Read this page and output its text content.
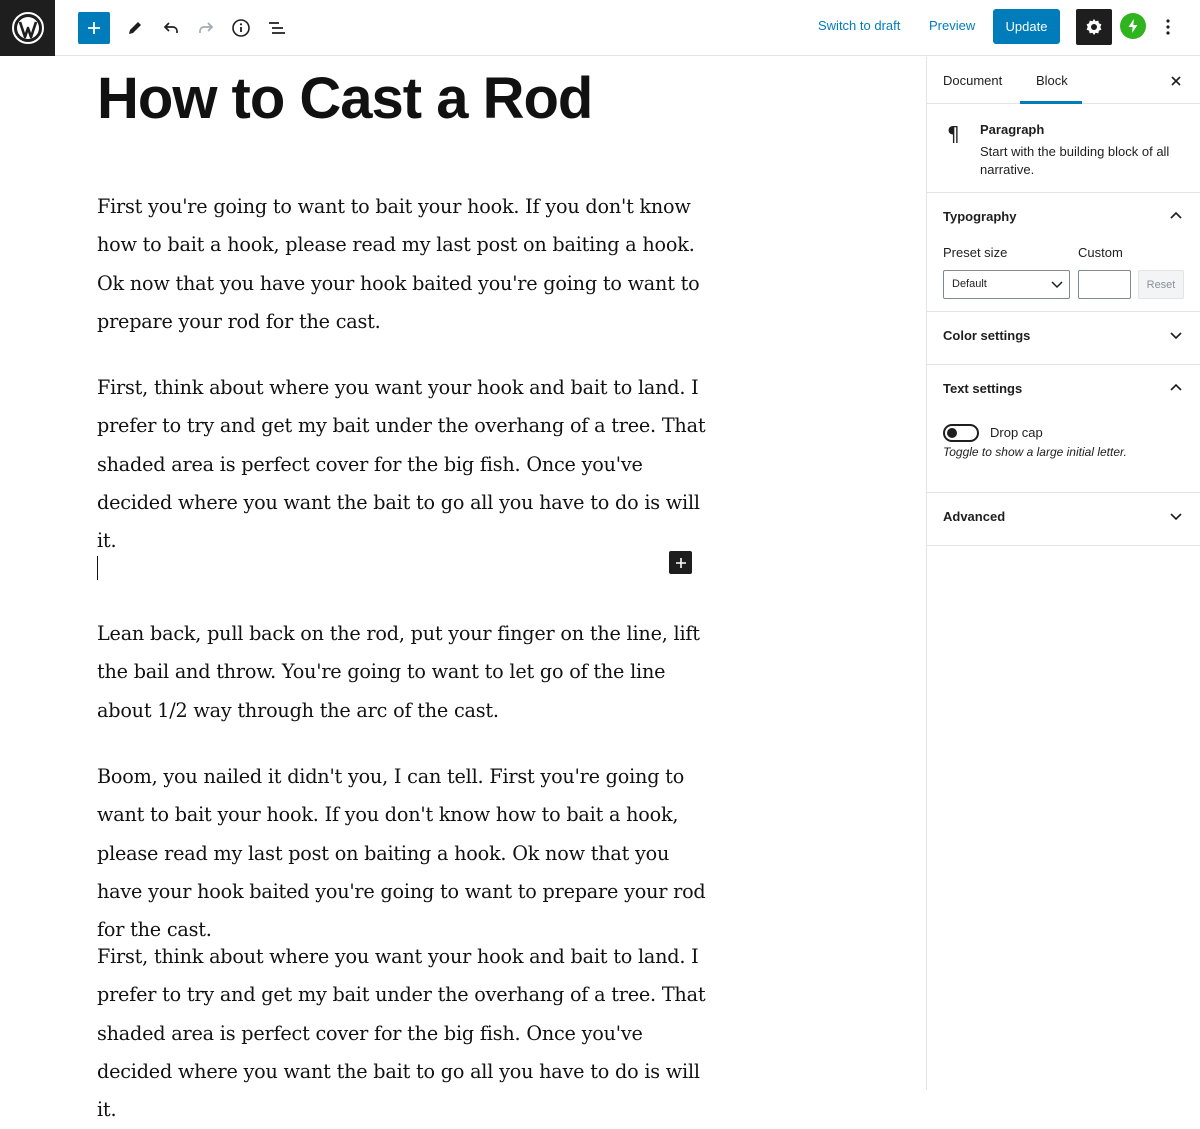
Switch to draft Preview	Update
How to Cast a Rod

First you're going to want to bait your hook. If you don't know how to bait a hook, please read my last post on baiting a hook. Ok now that you have your hook baited you're going to want to prepare your rod for the cast.

First, think about where you want your hook and bait to land. I prefer to try and get my bait under the overhang of a tree. That shaded area is perfect cover for the big fish. Once you've decided where you want the bait to go all you have to do is will it.

Lean back, pull back on the rod, put your finger on the line, lift the bail and throw. You're going to want to let go of the line about 1/2 way through the arc of the cast.

Boom, you nailed it didn't you, I can tell. First you're going to want to bait your hook. If you don't know how to bait a hook, please read my last post on baiting a hook. Ok now that you have your hook baited you're going to want to prepare your rod for the cast.

First, think about where you want your hook and bait to land. I prefer to try and get my bait under the overhang of a tree. That shaded area is perfect cover for the big fish. Once you've decided where you want the bait to go all you have to do is will it.

Document	Block
¶ Paragraph
Start with the building block of all narrative.
Typography
Preset size	Custom
Default	Reset
Color settings
Text settings
Drop cap
Toggle to show a large initial letter.
Advanced
